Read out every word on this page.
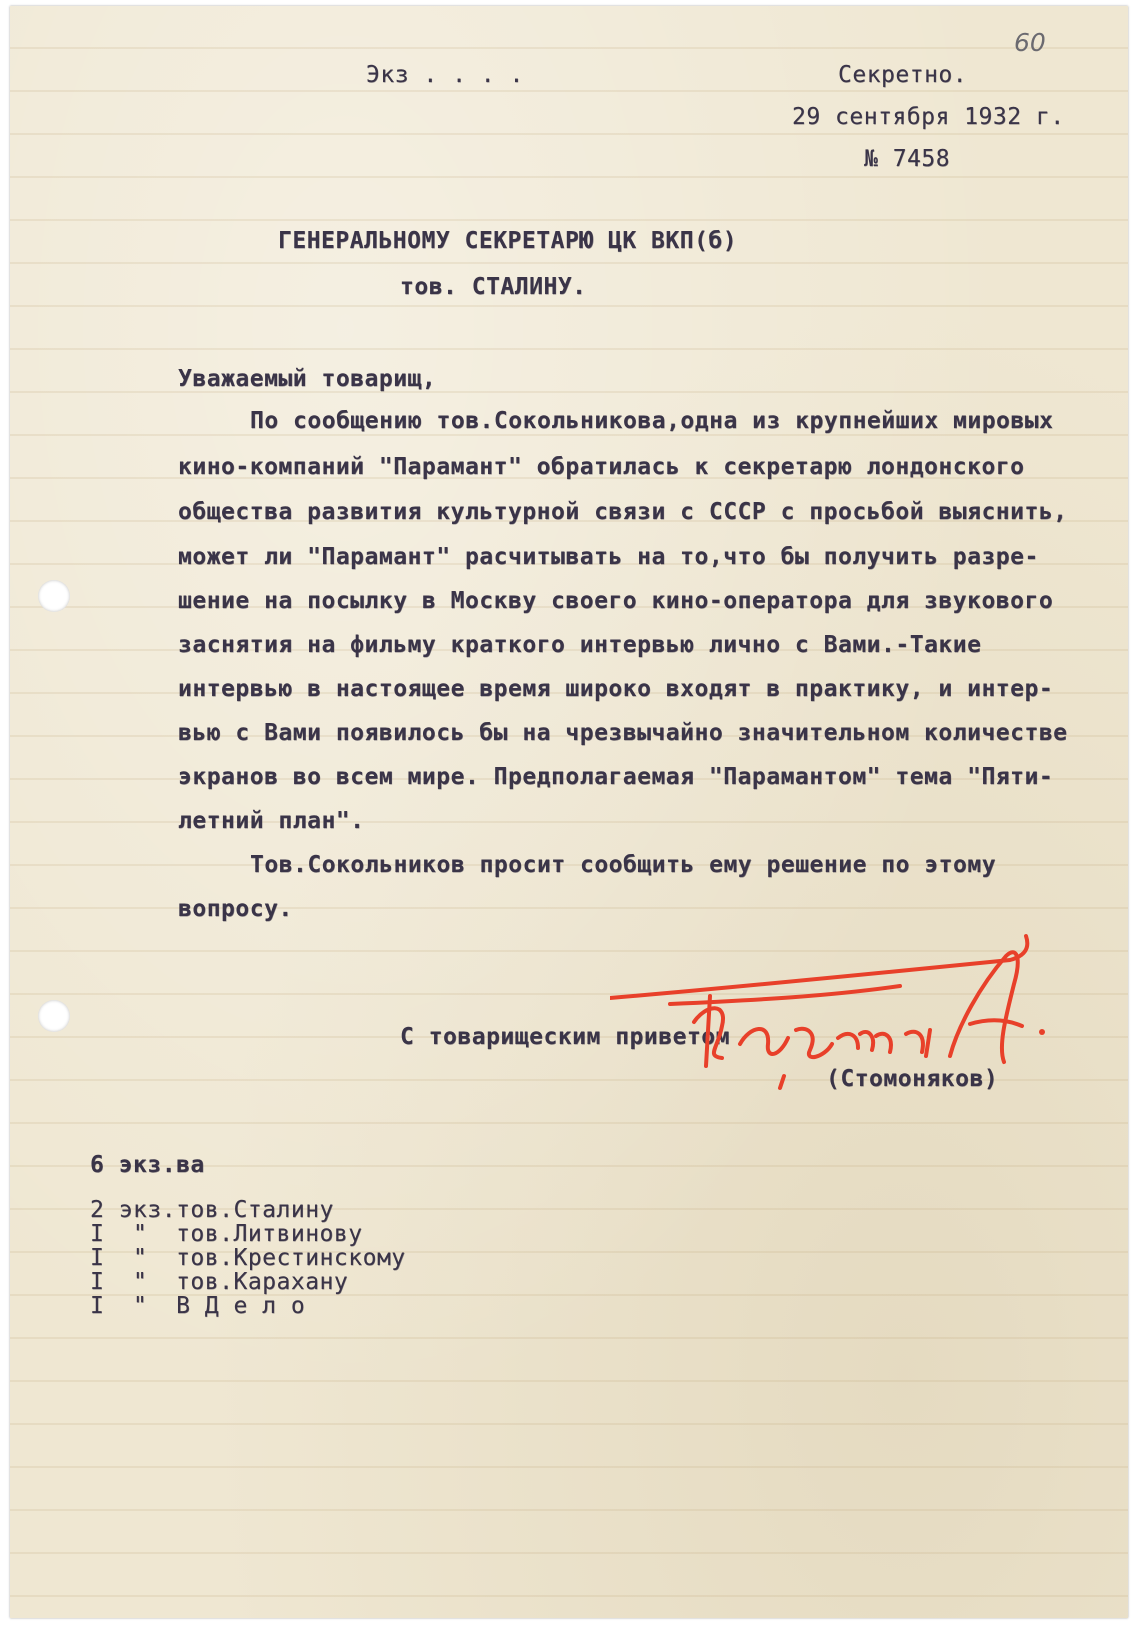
60
Экз . . . .	Секретно.
29 сентября 1932 г.
№ 7458
ГЕНЕРАЛЬНОМУ СЕКРЕТАРЮ ЦК ВКП(б)
тов. СТАЛИНУ.
Уважаемый товарищ,
По сообщению тов.Сокольникова,одна из крупнейших мировых
кино-компаний "Парамант" обратилась к секретарю лондонского
общества развития культурной связи с СССР с просьбой выяснить,
может ли "Парамант" расчитывать на то,что бы получить разре-
шение на посылку в Москву своего кино-оператора для звукового
заснятия на фильму краткого интервью лично с Вами.-Такие
интервью в настоящее время широко входят в практику, и интер-
вью с Вами появилось бы на чрезвычайно значительном количестве
экранов во всем мире. Предполагаемая "Парамантом" тема "Пяти-
летний план".
Тов.Сокольников просит сообщить ему решение по этому
вопросу.
С товарищеским приветом
(Стомоняков)
6 экз.ва
2 экз.тов.Сталину
I  "  тов.Литвинову
I  "  тов.Крестинскому
I  "  тов.Карахану
I  "  В Д е л о
